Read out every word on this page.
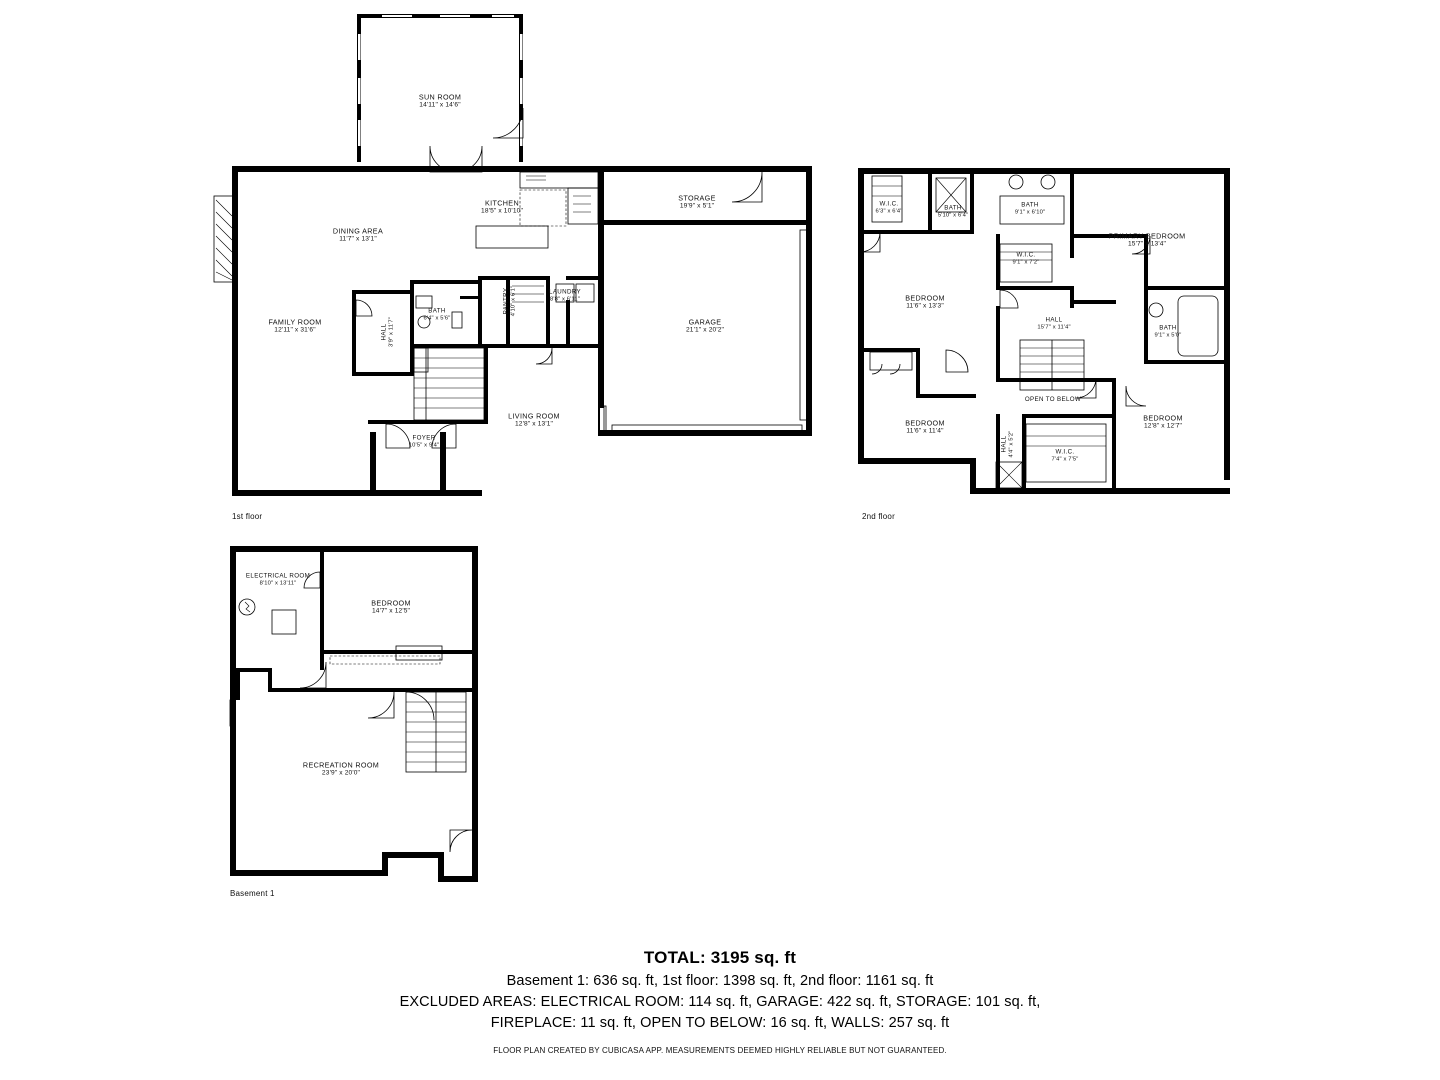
1st floor
SUN ROOM
14'11" x 14'6"
KITCHEN
18'5" x 10'10"
DINING AREA
11'7" x 13'1"
STORAGE
19'9" x 5'1"
FAMILY ROOM
12'11" x 31'6"
BATH
6'4" x 5'6"
PANTRY 4'10" x 6'1"	LAUNDRY
8'8" x 6'11"
HALL 3'9" x 11'7"	GARAGE
21'1" x 20'2"
LIVING ROOM
12'8" x 13'1"
FOYER
10'5" x 9'4"
2nd floor
W.I.C.
6'3" x 6'4"	BATH
5'10" x 6'4"
BATH
9'1" x 6'10"
PRIMARY BEDROOM
15'7" x 13'4"
W.I.C.
9'1" x 7'2"
BEDROOM
11'6" x 13'3"
HALL
15'7" x 11'4"	BATH
9'1" x 5'0"
BEDROOM
11'6" x 11'4"
OPEN TO BELOW
BEDROOM
12'8" x 12'7"
HALL 4'4" x 5'2"	W.I.C.
7'4" x 7'5"
Basement 1
ELECTRICAL ROOM
8'10" x 13'11"
BEDROOM
14'7" x 12'5"
RECREATION ROOM
23'9" x 20'0"
TOTAL: 3195 sq. ft
Basement 1: 636 sq. ft, 1st floor: 1398 sq. ft, 2nd floor: 1161 sq. ft
EXCLUDED AREAS: ELECTRICAL ROOM: 114 sq. ft, GARAGE: 422 sq. ft, STORAGE: 101 sq. ft,
FIREPLACE: 11 sq. ft, OPEN TO BELOW: 16 sq. ft, WALLS: 257 sq. ft
FLOOR PLAN CREATED BY CUBICASA APP. MEASUREMENTS DEEMED HIGHLY RELIABLE BUT NOT GUARANTEED.
